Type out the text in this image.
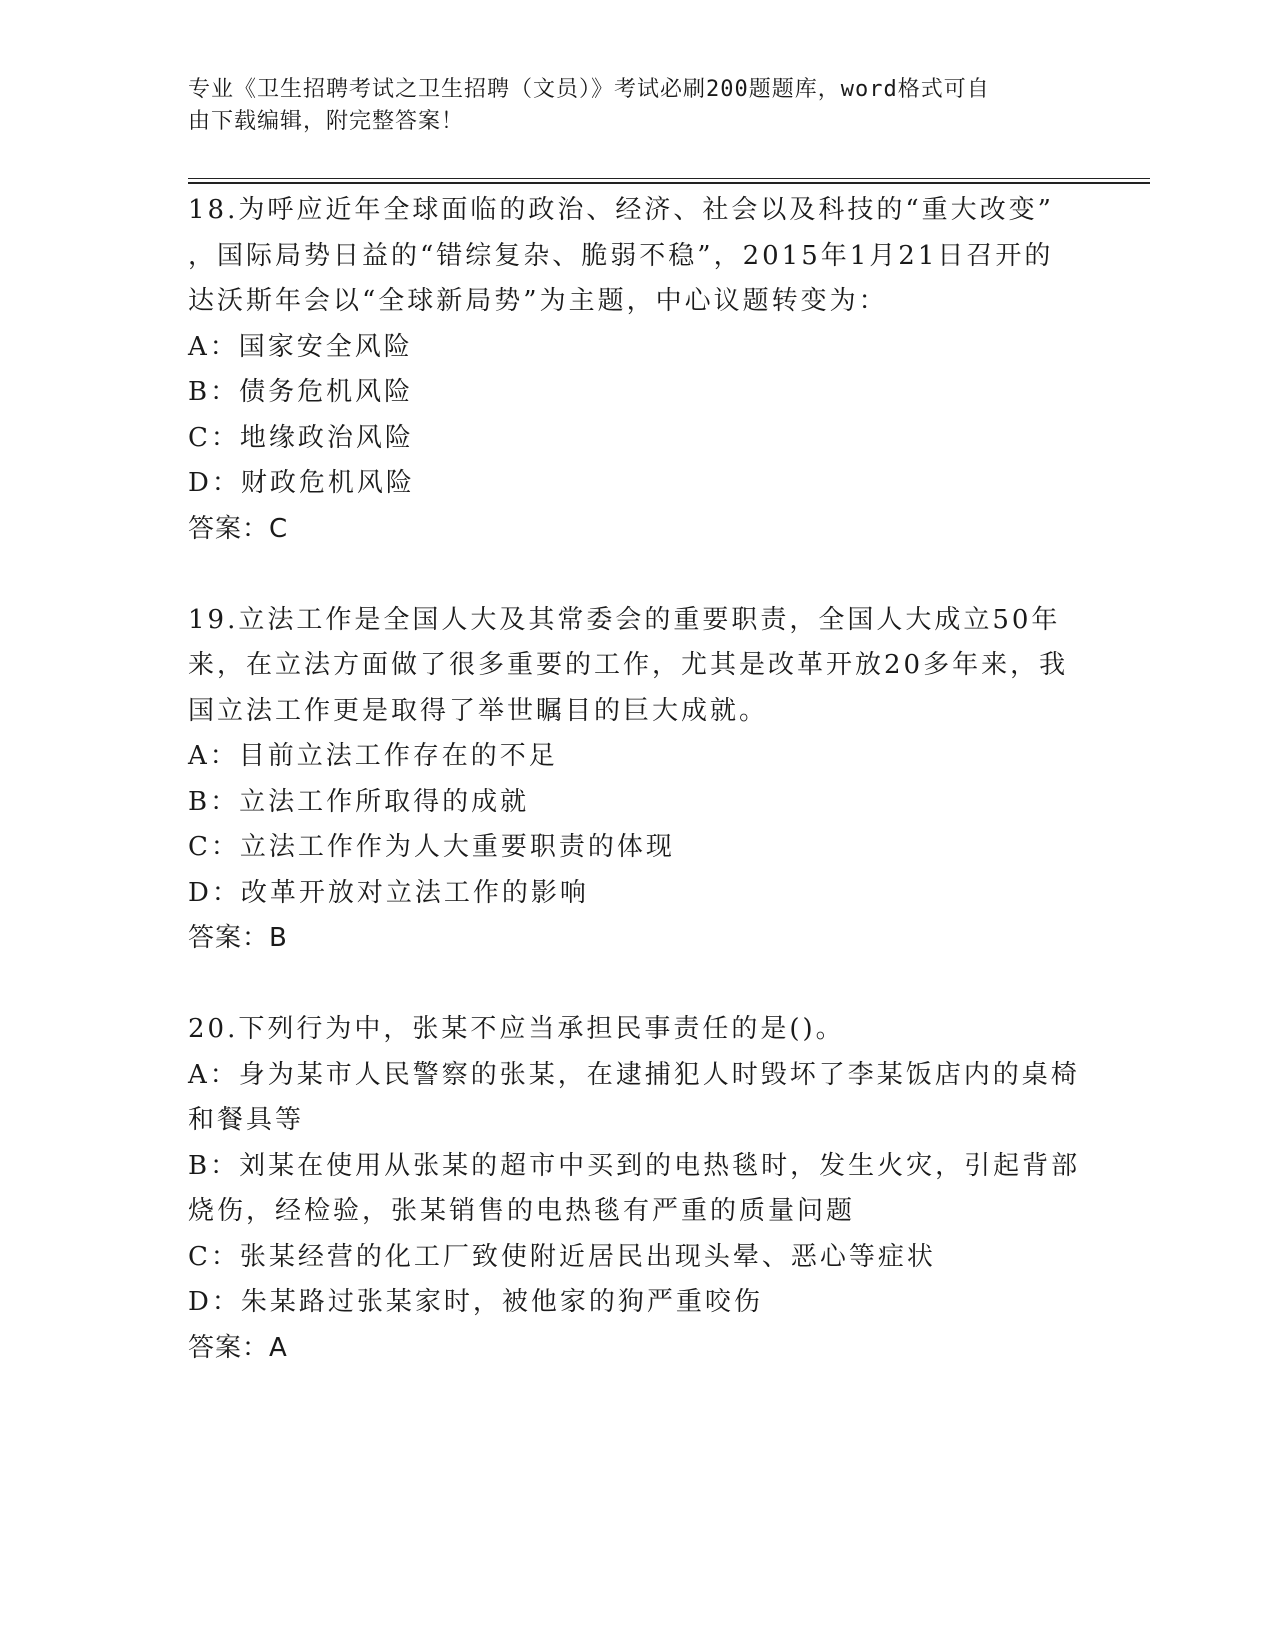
专业《卫生招聘考试之卫生招聘（文员）》考试必刷200题题库，word格式可自
由下载编辑，附完整答案！
18.为呼应近年全球面临的政治、经济、社会以及科技的“重大改变”
，国际局势日益的“错综复杂、脆弱不稳”，2015年1月21日召开的
达沃斯年会以“全球新局势”为主题，中心议题转变为：
A：国家安全风险
B：债务危机风险
C：地缘政治风险
D：财政危机风险
答案：C
19.立法工作是全国人大及其常委会的重要职责，全国人大成立50年
来，在立法方面做了很多重要的工作，尤其是改革开放20多年来，我
国立法工作更是取得了举世瞩目的巨大成就。
A：目前立法工作存在的不足
B：立法工作所取得的成就
C：立法工作作为人大重要职责的体现
D：改革开放对立法工作的影响
答案：B
20.下列行为中，张某不应当承担民事责任的是()。
A：身为某市人民警察的张某，在逮捕犯人时毁坏了李某饭店内的桌椅
和餐具等
B：刘某在使用从张某的超市中买到的电热毯时，发生火灾，引起背部
烧伤，经检验，张某销售的电热毯有严重的质量问题
C：张某经营的化工厂致使附近居民出现头晕、恶心等症状
D：朱某路过张某家时，被他家的狗严重咬伤
答案：A
